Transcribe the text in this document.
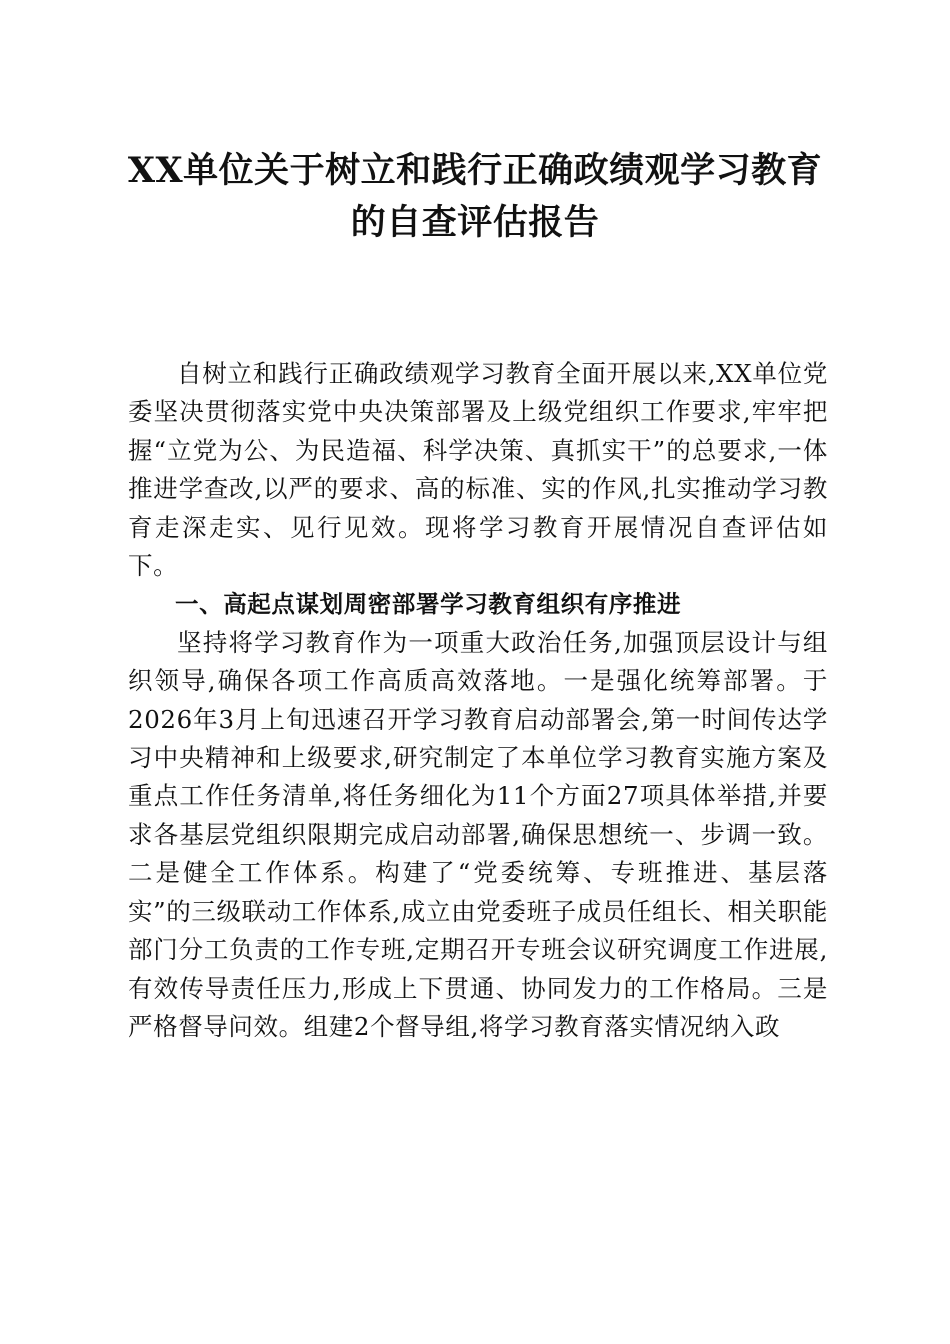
XX单位关于树立和践行正确政绩观学习教育
的自查评估报告

自树立和践行正确政绩观学习教育全面开展以来,XX单位党委坚决贯彻落实党中央决策部署及上级党组织工作要求,牢牢把握“立党为公、为民造福、科学决策、真抓实干”的总要求,一体推进学查改,以严的要求、高的标准、实的作风,扎实推动学习教育走深走实、见行见效。现将学习教育开展情况自查评估如下。

一、高起点谋划周密部署学习教育组织有序推进

坚持将学习教育作为一项重大政治任务,加强顶层设计与组织领导,确保各项工作高质高效落地。一是强化统筹部署。于2026年3月上旬迅速召开学习教育启动部署会,第一时间传达学习中央精神和上级要求,研究制定了本单位学习教育实施方案及重点工作任务清单,将任务细化为11个方面27项具体举措,并要求各基层党组织限期完成启动部署,确保思想统一、步调一致。二是健全工作体系。构建了“党委统筹、专班推进、基层落实”的三级联动工作体系,成立由党委班子成员任组长、相关职能部门分工负责的工作专班,定期召开专班会议研究调度工作进展,有效传导责任压力,形成上下贯通、协同发力的工作格局。三是严格督导问效。组建2个督导组,将学习教育落实情况纳入政
